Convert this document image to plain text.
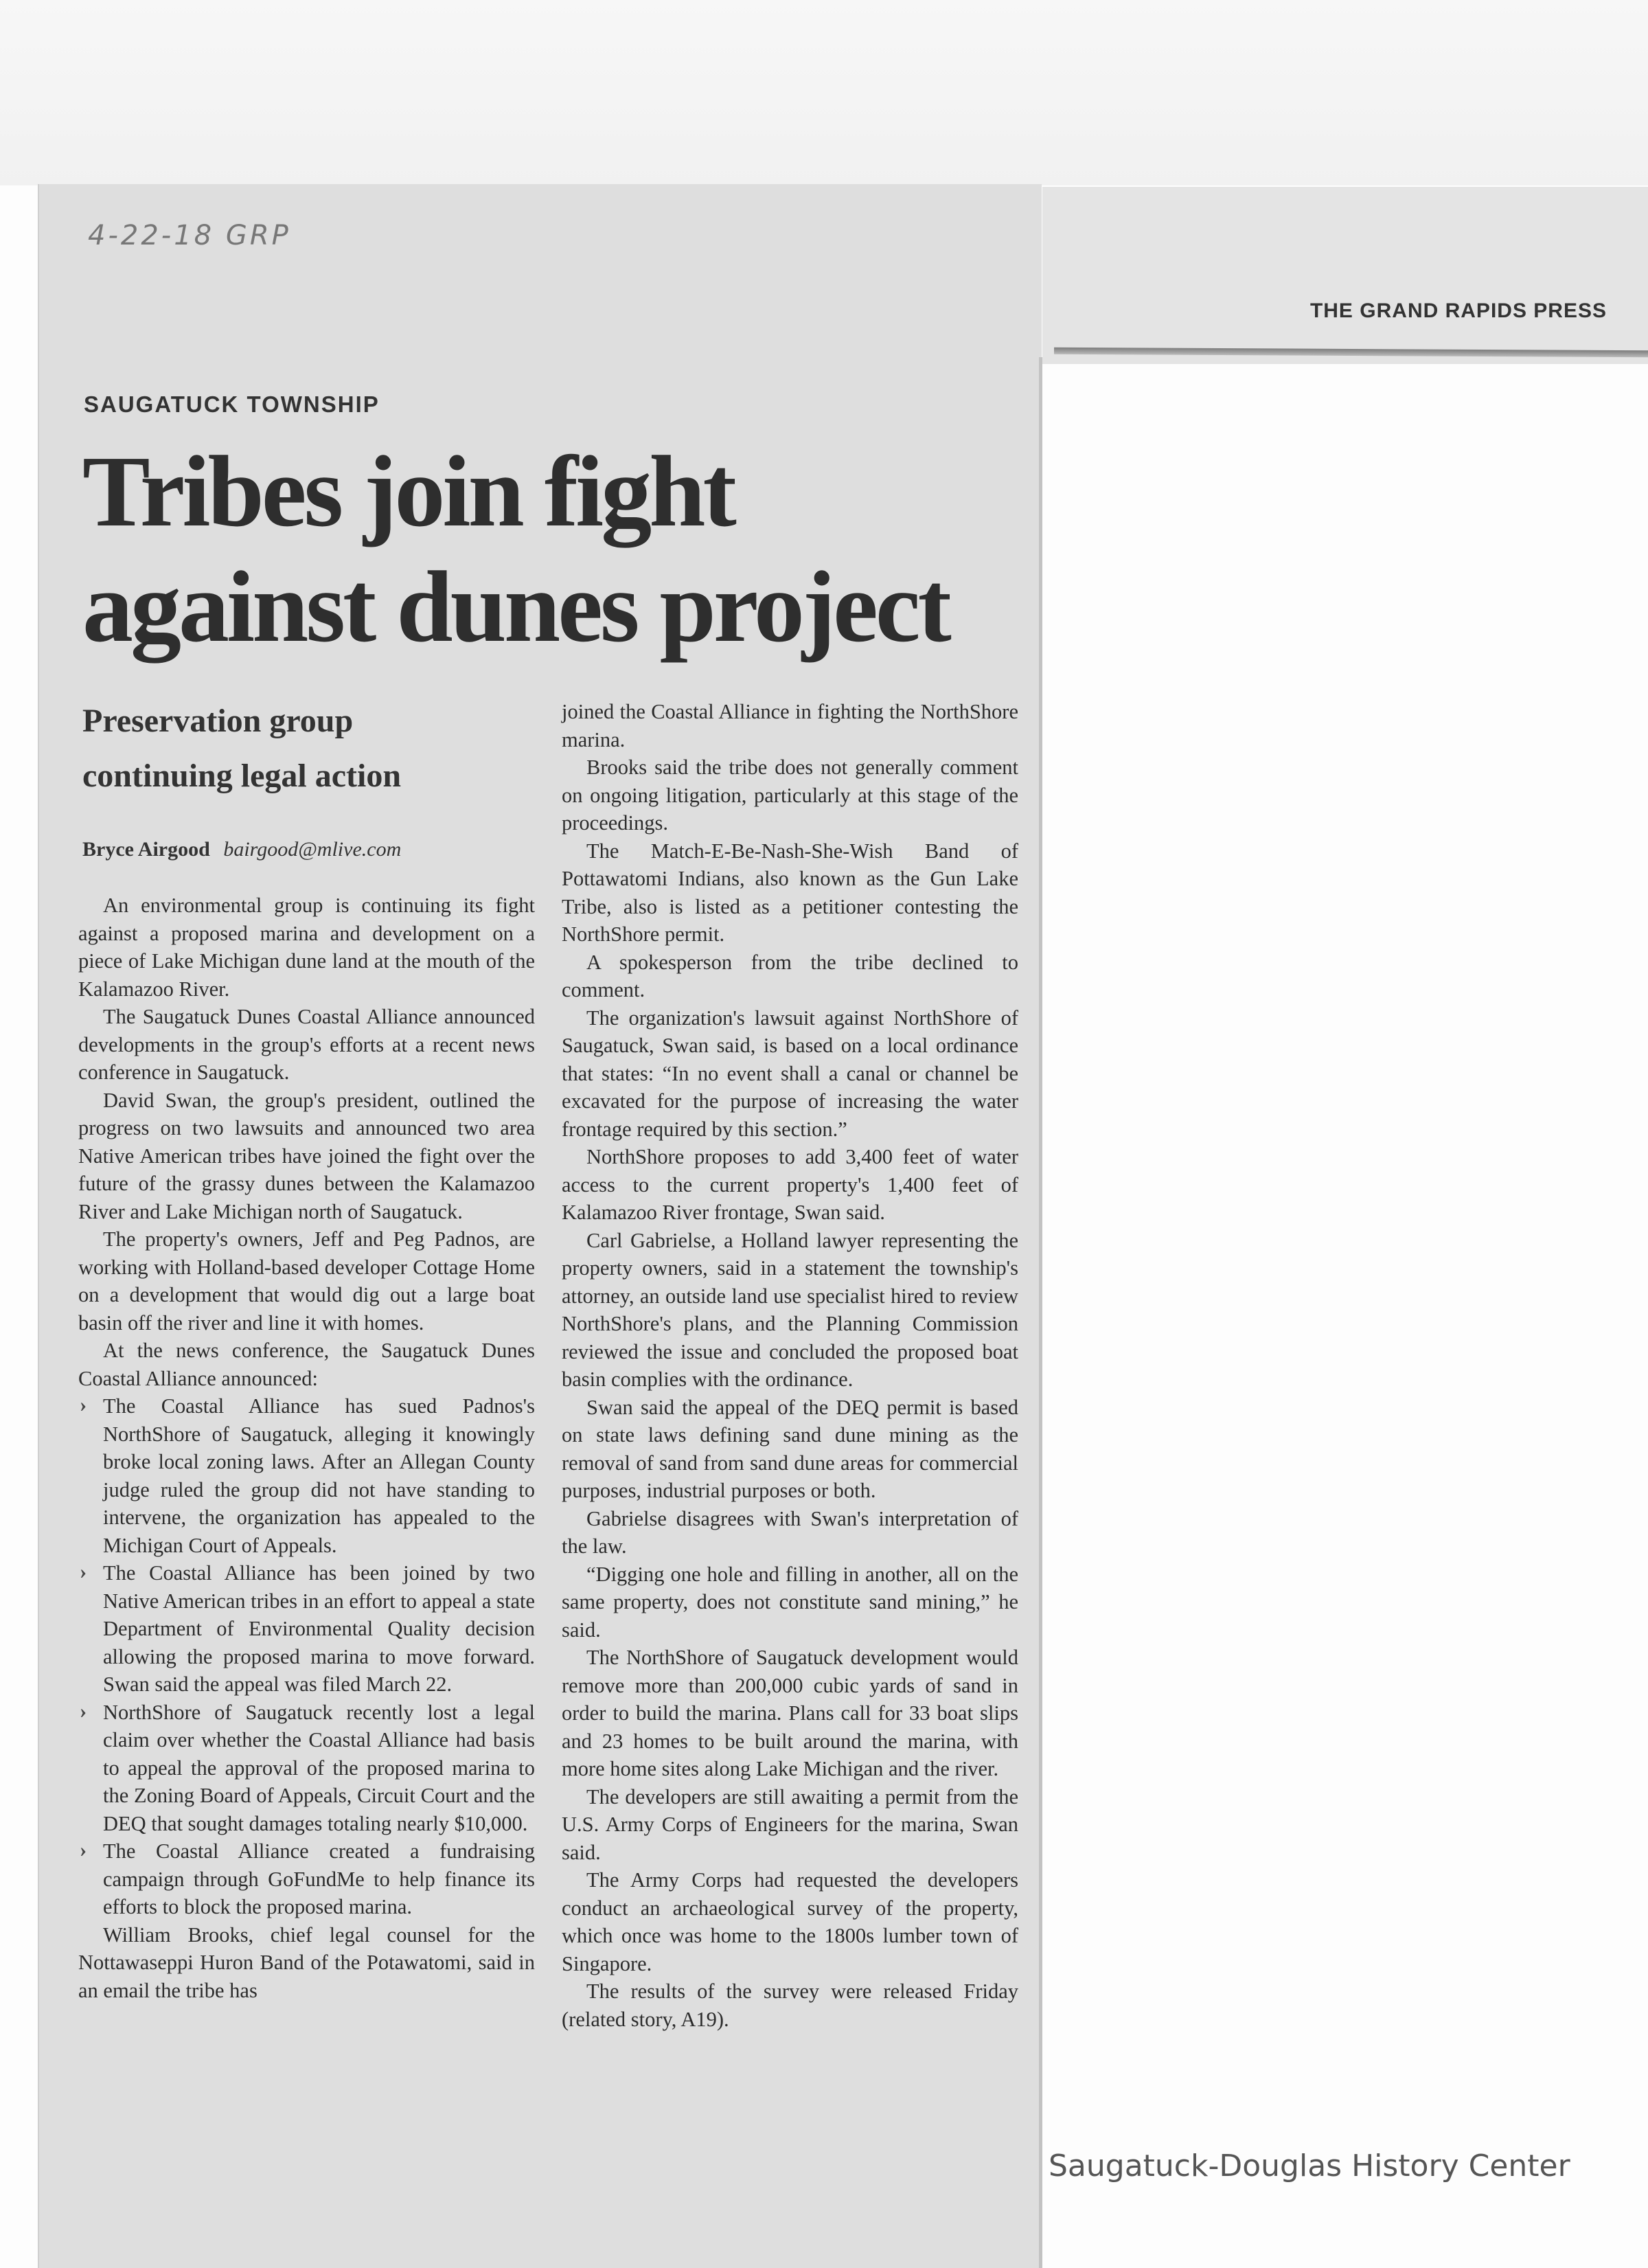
4-22-18 GRP
THE GRAND RAPIDS PRESS
SAUGATUCK TOWNSHIP
Tribes join fight against dunes project
Preservation group continuing legal action
Bryce Airgood bairgood@mlive.com

An environmental group is continuing its fight against a proposed marina and development on a piece of Lake Michigan dune land at the mouth of the Kalamazoo River.

The Saugatuck Dunes Coastal Alliance announced developments in the group's efforts at a recent news conference in Saugatuck.

David Swan, the group's president, outlined the progress on two lawsuits and announced two area Native American tribes have joined the fight over the future of the grassy dunes between the Kalamazoo River and Lake Michigan north of Saugatuck.

The property's owners, Jeff and Peg Padnos, are working with Holland-based developer Cottage Home on a development that would dig out a large boat basin off the river and line it with homes.

At the news conference, the Saugatuck Dunes Coastal Alliance announced:

› The Coastal Alliance has sued Padnos's NorthShore of Saugatuck, alleging it knowingly broke local zoning laws. After an Allegan County judge ruled the group did not have standing to intervene, the organization has appealed to the Michigan Court of Appeals.
› The Coastal Alliance has been joined by two Native American tribes in an effort to appeal a state Department of Environmental Quality decision allowing the proposed marina to move forward. Swan said the appeal was filed March 22.
› NorthShore of Saugatuck recently lost a legal claim over whether the Coastal Alliance had basis to appeal the approval of the proposed marina to the Zoning Board of Appeals, Circuit Court and the DEQ that sought damages totaling nearly $10,000.
› The Coastal Alliance created a fundraising campaign through GoFundMe to help finance its efforts to block the proposed marina.

William Brooks, chief legal counsel for the Nottawaseppi Huron Band of the Potawatomi, said in an email the tribe has

joined the Coastal Alliance in fighting the NorthShore marina.

Brooks said the tribe does not generally comment on ongoing litigation, particularly at this stage of the proceedings.

The Match-E-Be-Nash-She-Wish Band of Pottawatomi Indians, also known as the Gun Lake Tribe, also is listed as a petitioner contesting the NorthShore permit.

A spokesperson from the tribe declined to comment.

The organization's lawsuit against NorthShore of Saugatuck, Swan said, is based on a local ordinance that states: “In no event shall a canal or channel be excavated for the purpose of increasing the water frontage required by this section.”

NorthShore proposes to add 3,400 feet of water access to the current property's 1,400 feet of Kalamazoo River frontage, Swan said.

Carl Gabrielse, a Holland lawyer representing the property owners, said in a statement the township's attorney, an outside land use specialist hired to review NorthShore's plans, and the Planning Commission reviewed the issue and concluded the proposed boat basin complies with the ordinance.

Swan said the appeal of the DEQ permit is based on state laws defining sand dune mining as the removal of sand from sand dune areas for commercial purposes, industrial purposes or both.

Gabrielse disagrees with Swan's interpretation of the law.

“Digging one hole and filling in another, all on the same property, does not constitute sand mining,” he said.

The NorthShore of Saugatuck development would remove more than 200,000 cubic yards of sand in order to build the marina. Plans call for 33 boat slips and 23 homes to be built around the marina, with more home sites along Lake Michigan and the river.

The developers are still awaiting a permit from the U.S. Army Corps of Engineers for the marina, Swan said.

The Army Corps had requested the developers conduct an archaeological survey of the property, which once was home to the 1800s lumber town of Singapore.

The results of the survey were released Friday (related story, A19).

Saugatuck-Douglas History Center
